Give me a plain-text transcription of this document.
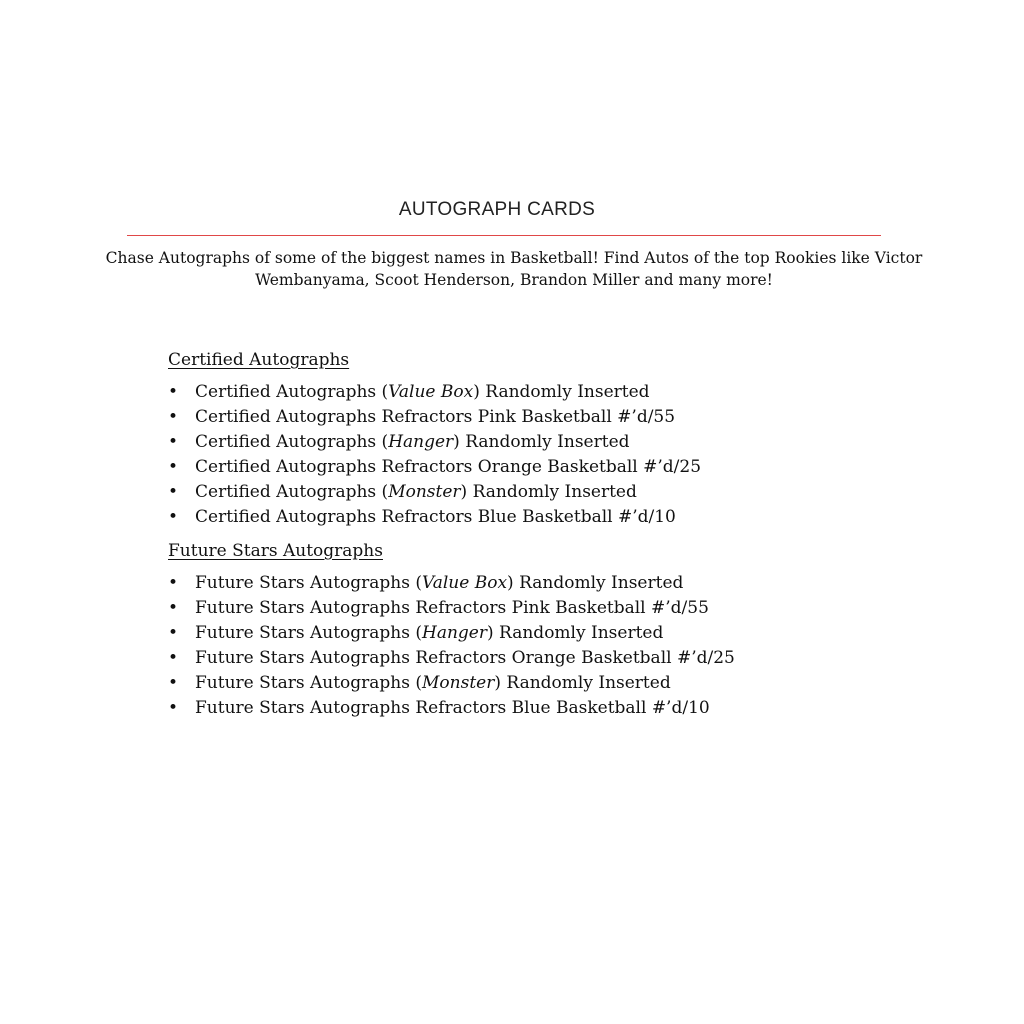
AUTOGRAPH CARDS

Chase Autographs of some of the biggest names in Basketball! Find Autos of the top Rookies like Victor Wembanyama, Scoot Henderson, Brandon Miller and many more!

Certified Autographs
• Certified Autographs (Value Box) Randomly Inserted
• Certified Autographs Refractors Pink Basketball #’d/55
• Certified Autographs (Hanger) Randomly Inserted
• Certified Autographs Refractors Orange Basketball #’d/25
• Certified Autographs (Monster) Randomly Inserted
• Certified Autographs Refractors Blue Basketball #’d/10
Future Stars Autographs
• Future Stars Autographs (Value Box) Randomly Inserted
• Future Stars Autographs Refractors Pink Basketball #’d/55
• Future Stars Autographs (Hanger) Randomly Inserted
• Future Stars Autographs Refractors Orange Basketball #’d/25
• Future Stars Autographs (Monster) Randomly Inserted
• Future Stars Autographs Refractors Blue Basketball #’d/10
